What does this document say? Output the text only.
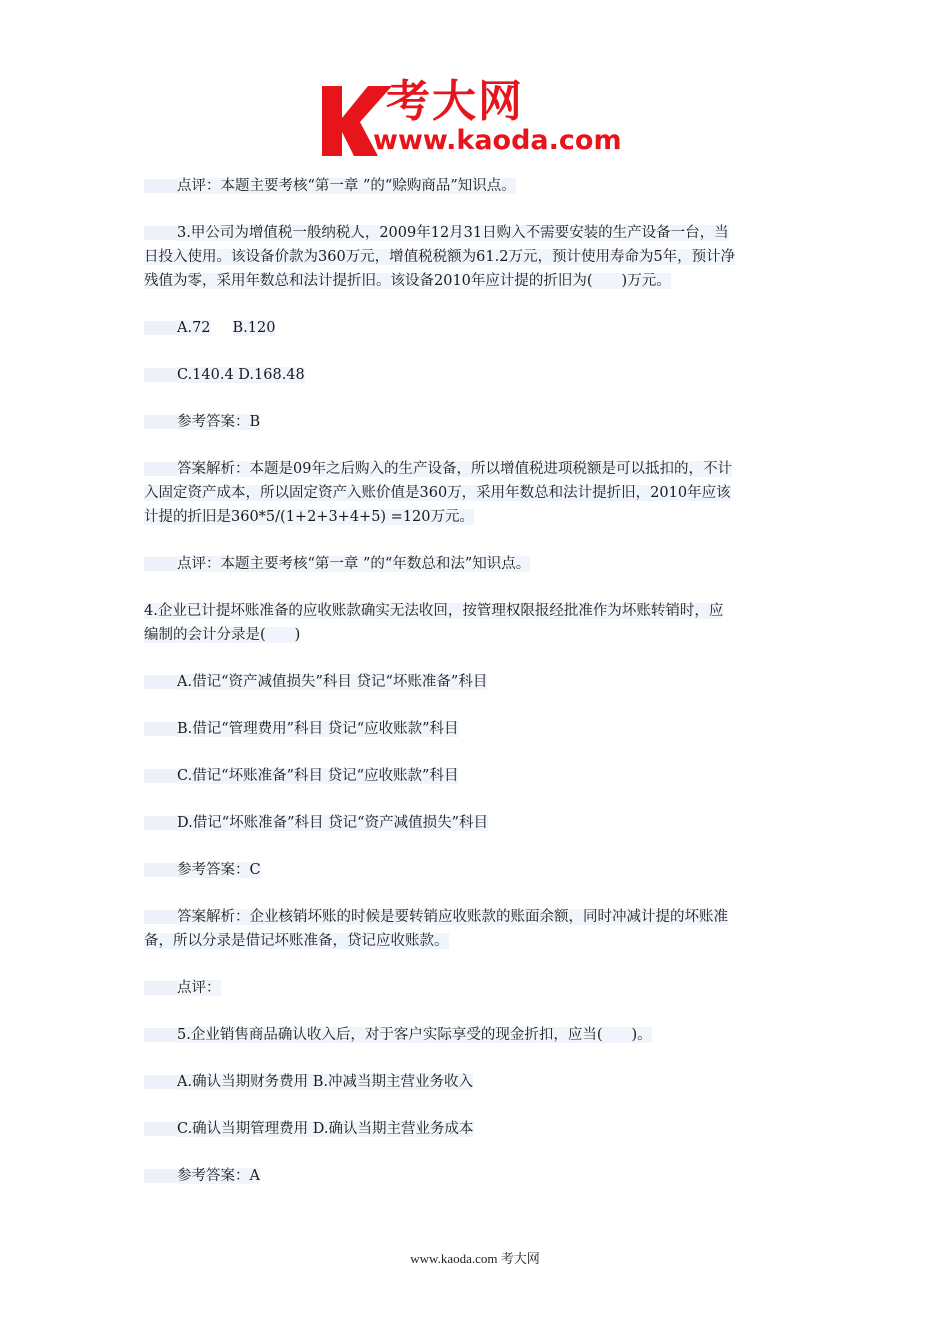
考大网
www.kaoda.com
点评：本题主要考核“第一章 ”的“赊购商品”知识点。
3.甲公司为增值税一般纳税人，2009年12月31日购入不需要安装的生产设备一台，当
日投入使用。该设备价款为360万元，增值税税额为61.2万元，预计使用寿命为5年，预计净
残值为零，采用年数总和法计提折旧。该设备2010年应计提的折旧为(　　)万元。
A.72 B.120
C.140.4 D.168.48
参考答案：B
答案解析：本题是09年之后购入的生产设备，所以增值税进项税额是可以抵扣的，不计
入固定资产成本，所以固定资产入账价值是360万，采用年数总和法计提折旧，2010年应该
计提的折旧是360*5/(1+2+3+4+5) =120万元。
点评：本题主要考核“第一章 ”的“年数总和法”知识点。
4.企业已计提坏账准备的应收账款确实无法收回，按管理权限报经批准作为坏账转销时，应
编制的会计分录是(　　)
A.借记“资产减值损失”科目 贷记“坏账准备”科目
B.借记“管理费用”科目 贷记“应收账款”科目
C.借记“坏账准备”科目 贷记“应收账款”科目
D.借记“坏账准备”科目 贷记“资产减值损失”科目
参考答案：C
答案解析：企业核销坏账的时候是要转销应收账款的账面余额，同时冲减计提的坏账准
备，所以分录是借记坏账准备，贷记应收账款。
点评：
5.企业销售商品确认收入后，对于客户实际享受的现金折扣，应当(　　)。
A.确认当期财务费用 B.冲减当期主营业务收入
C.确认当期管理费用 D.确认当期主营业务成本
参考答案：A
www.kaoda.com 考大网
